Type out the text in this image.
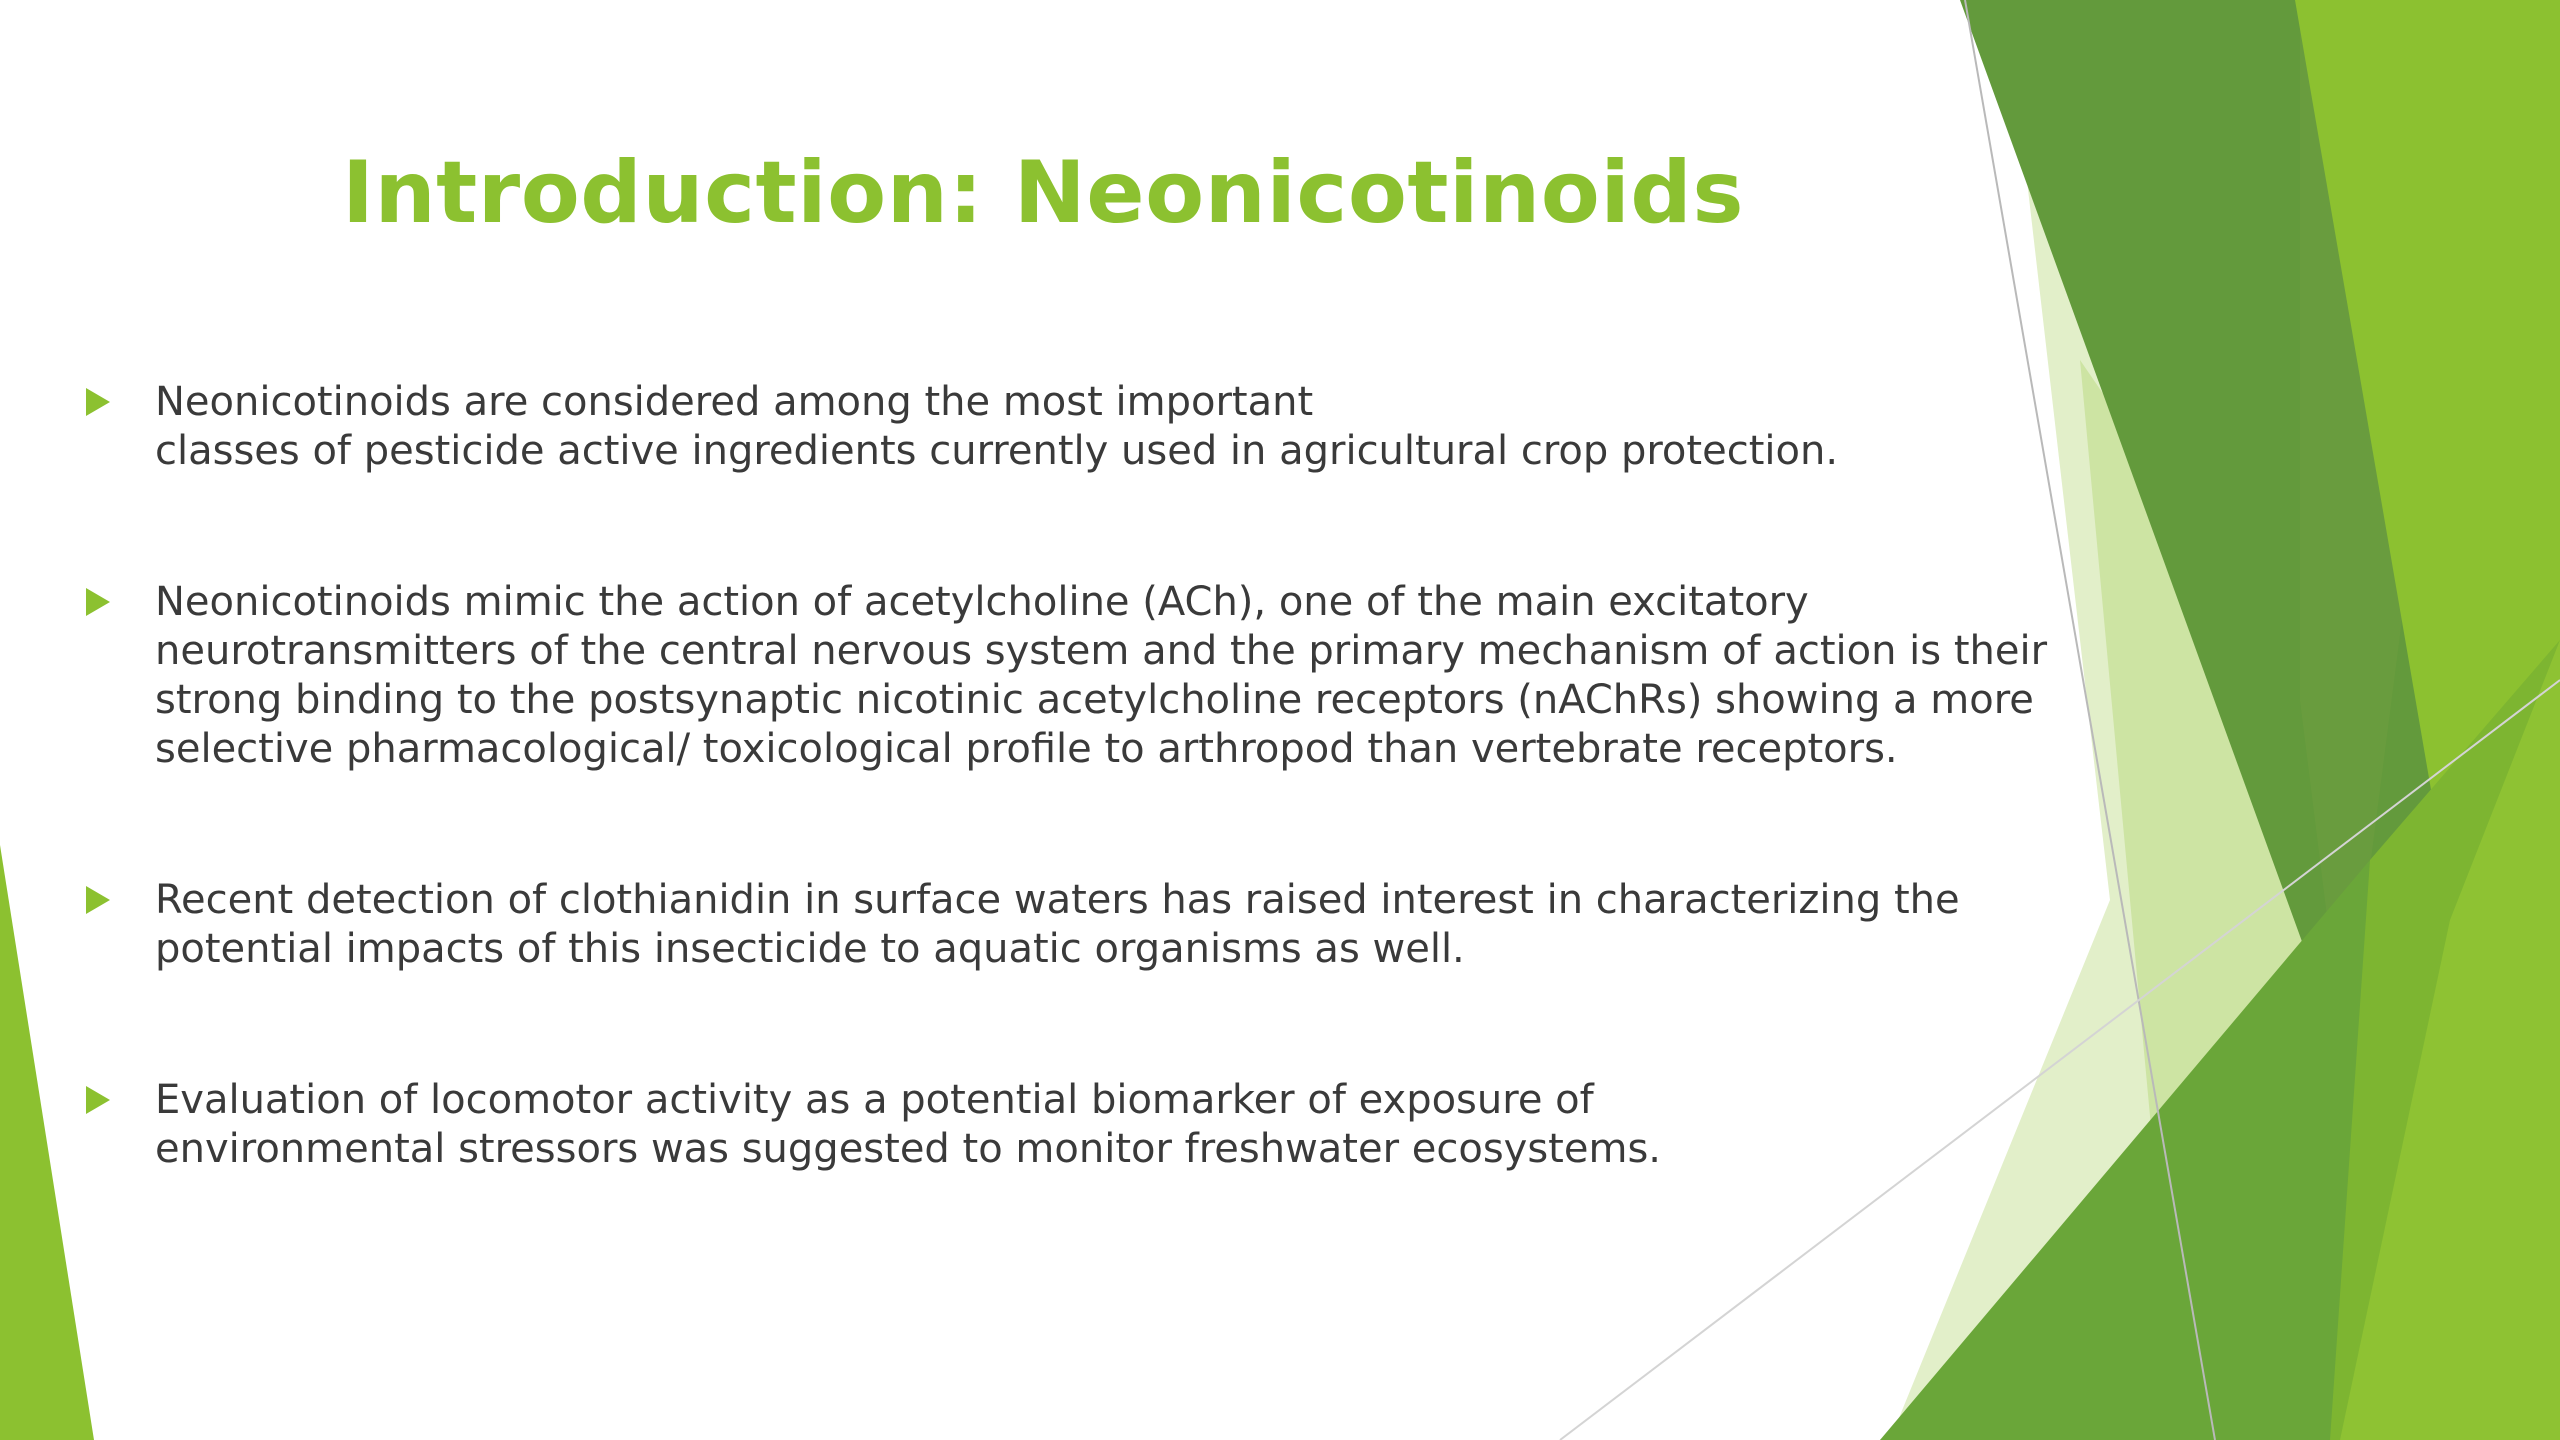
Introduction: Neonicotinoids
Neonicotinoids are considered among the most important
classes of pesticide active ingredients currently used in agricultural crop protection.
Neonicotinoids mimic the action of acetylcholine (ACh), one of the main excitatory
neurotransmitters of the central nervous system and the primary mechanism of action is their
strong binding to the postsynaptic nicotinic acetylcholine receptors (nAChRs) showing a more
selective pharmacological/ toxicological profile to arthropod than vertebrate receptors.
Recent detection of clothianidin in surface waters has raised interest in characterizing the
potential impacts of this insecticide to aquatic organisms as well.
Evaluation of locomotor activity as a potential biomarker of exposure of
environmental stressors was suggested to monitor freshwater ecosystems.
